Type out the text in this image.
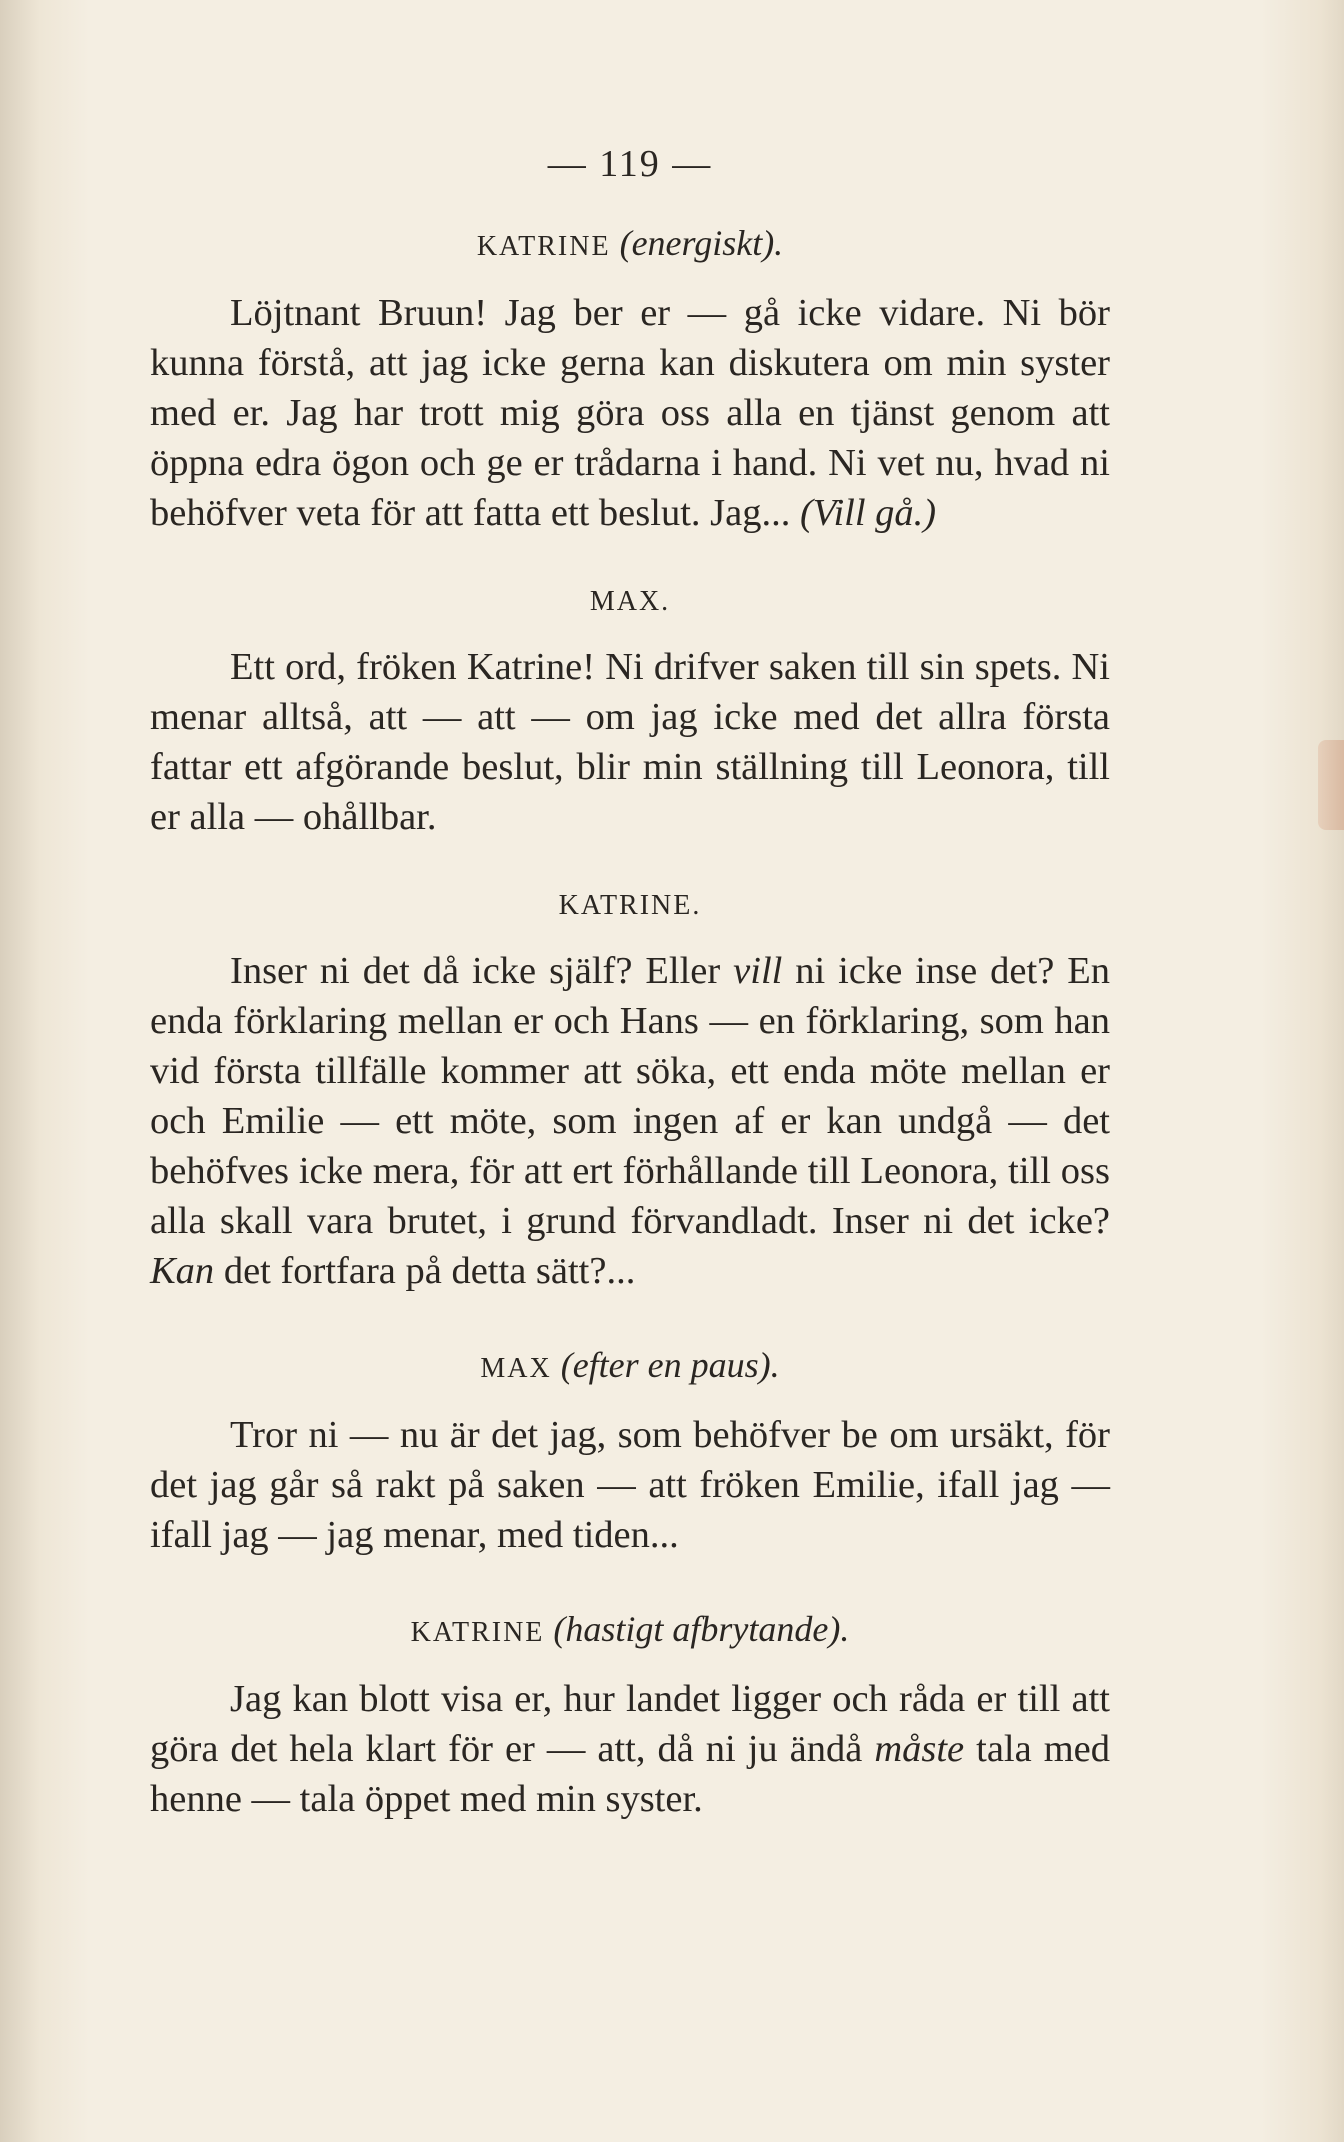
— 119 —
KATRINE (energiskt).
Löjtnant Bruun! Jag ber er — gå icke vidare. Ni bör kunna förstå, att jag icke gerna kan diskutera om min syster med er. Jag har trott mig göra oss alla en tjänst genom att öppna edra ögon och ge er trådarna i hand. Ni vet nu, hvad ni behöfver veta för att fatta ett beslut. Jag... (Vill gå.)
MAX.
Ett ord, fröken Katrine! Ni drifver saken till sin spets. Ni menar alltså, att — att — om jag icke med det allra första fattar ett afgörande beslut, blir min ställning till Leonora, till er alla — ohållbar.
KATRINE.
Inser ni det då icke själf? Eller vill ni icke inse det? En enda förklaring mellan er och Hans — en förklaring, som han vid första tillfälle kommer att söka, ett enda möte mellan er och Emilie — ett möte, som ingen af er kan undgå — det behöfves icke mera, för att ert förhållande till Leonora, till oss alla skall vara brutet, i grund förvandladt. Inser ni det icke? Kan det fortfara på detta sätt?...
MAX (efter en paus).
Tror ni — nu är det jag, som behöfver be om ursäkt, för det jag går så rakt på saken — att fröken Emilie, ifall jag — ifall jag — jag menar, med tiden...
KATRINE (hastigt afbrytande).
Jag kan blott visa er, hur landet ligger och råda er till att göra det hela klart för er — att, då ni ju ändå måste tala med henne — tala öppet med min syster.
